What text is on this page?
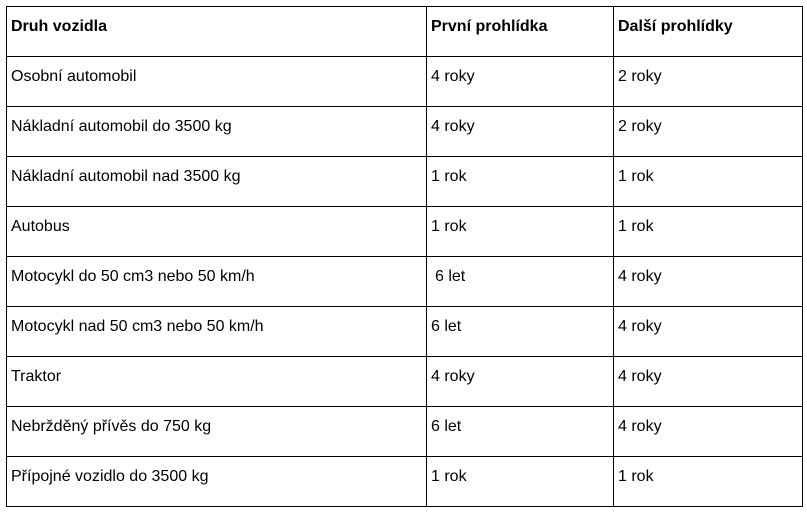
Druh vozidla	První prohlídka	Další prohlídky
Osobní automobil	4 roky	2 roky
Nákladní automobil do 3500 kg	4 roky	2 roky
Nákladní automobil nad 3500 kg	1 rok	1 rok
Autobus	1 rok	1 rok
Motocykl do 50 cm3 nebo 50 km/h	6 let	4 roky
Motocykl nad 50 cm3 nebo 50 km/h	6 let	4 roky
Traktor	4 roky	4 roky
Nebržděný přívěs do 750 kg	6 let	4 roky
Přípojné vozidlo do 3500 kg	1 rok	1 rok
